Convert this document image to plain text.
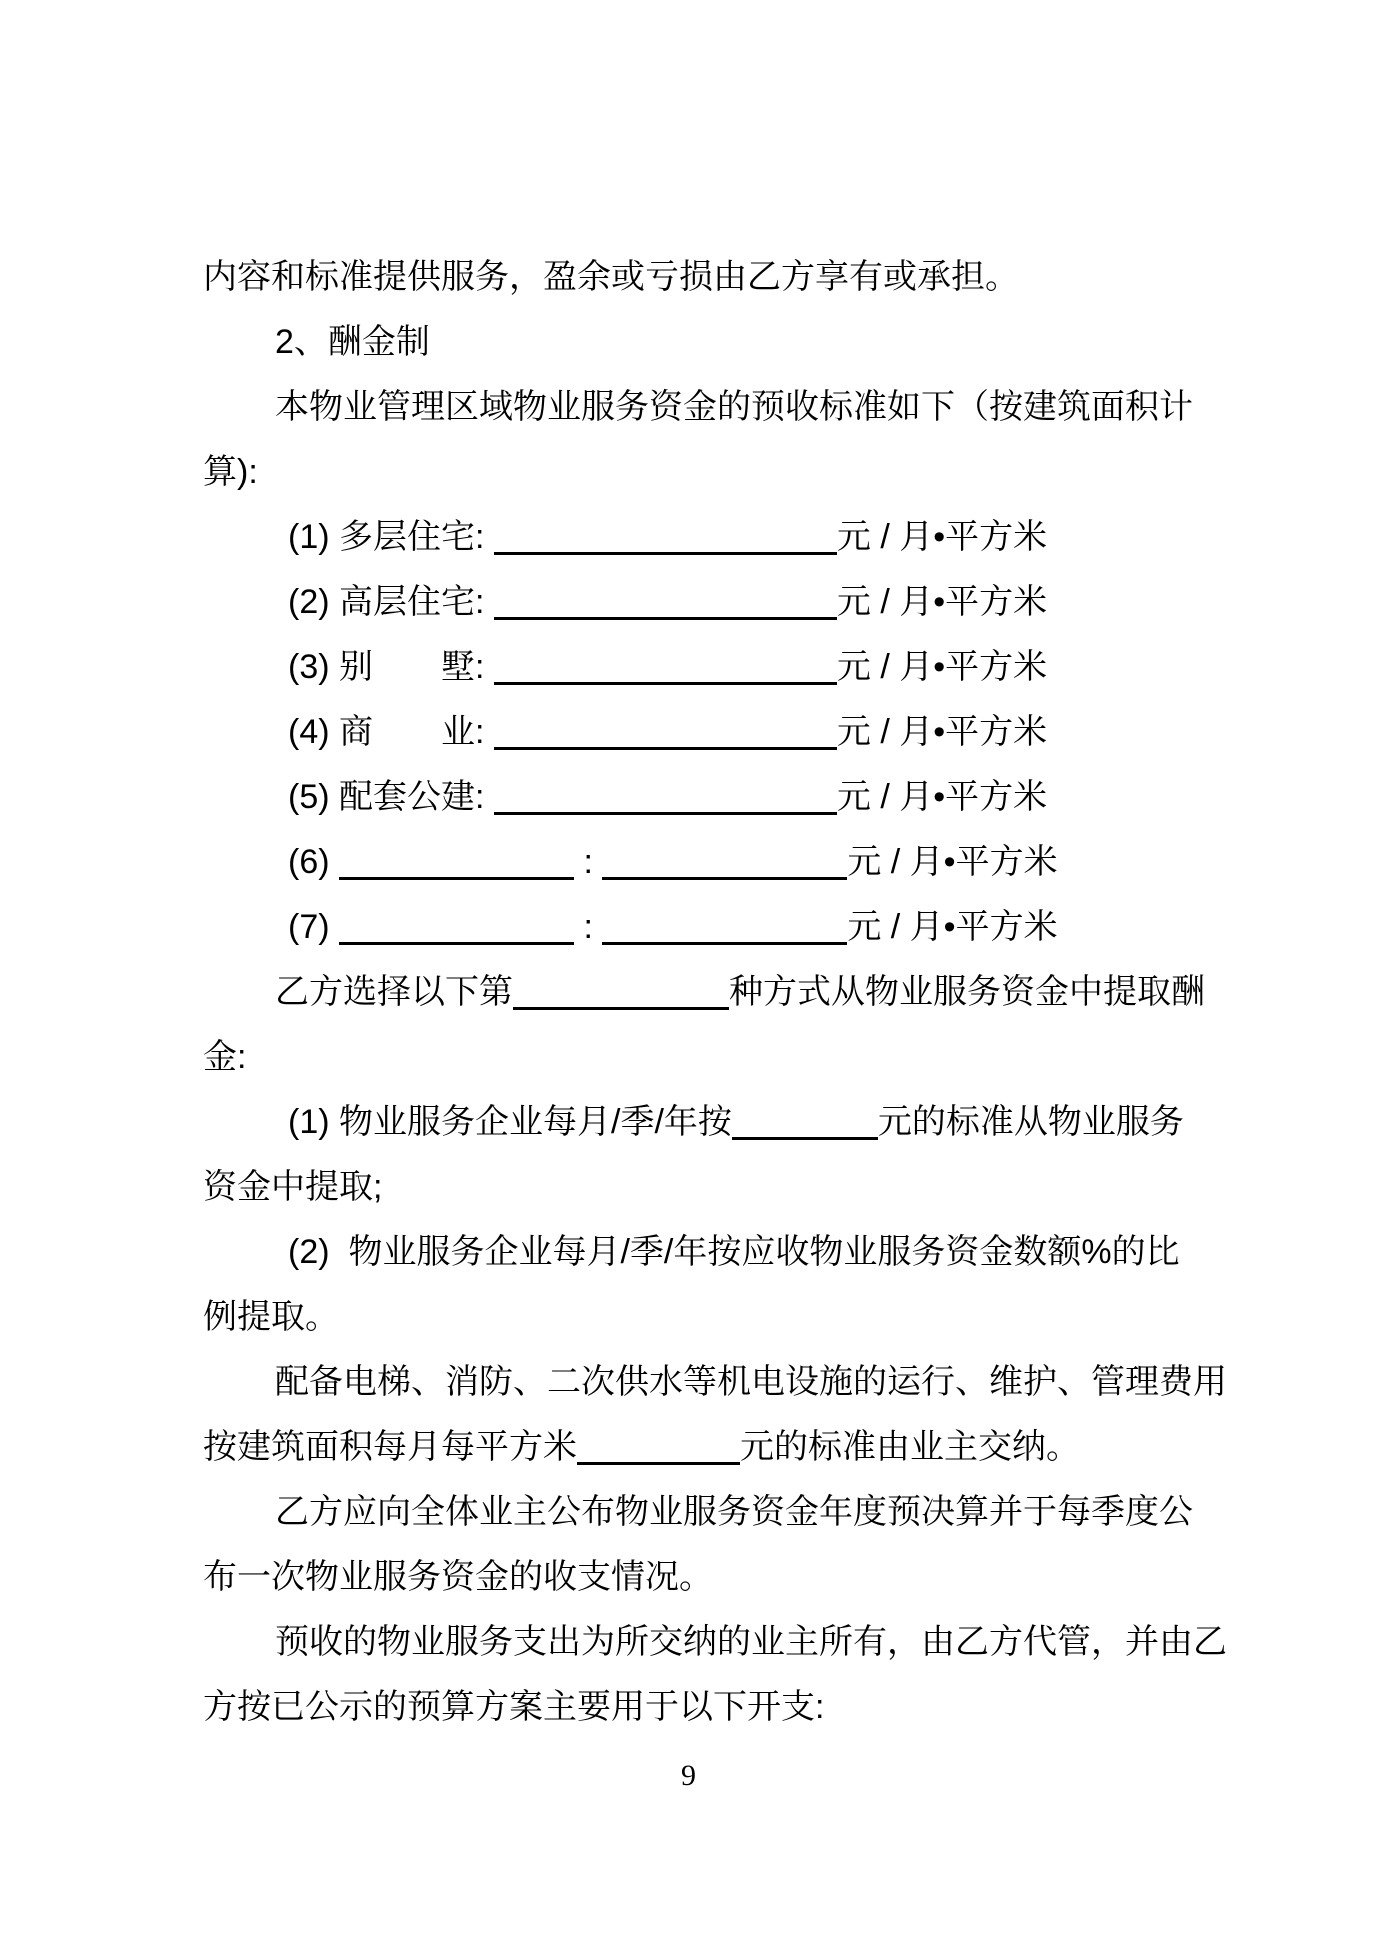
内容和标准提供服务，盈余或亏损由乙方享有或承担。
2、酬金制
本物业管理区域物业服务资金的预收标准如下（按建筑面积计
算):
(1) 多层住宅:	元 / 月•平方米
(2) 高层住宅:	元 / 月•平方米
(3) 别　　墅:	元 / 月•平方米
(4) 商　　业:	元 / 月•平方米
(5) 配套公建:	元 / 月•平方米
(6)	:	元 / 月•平方米
(7)	:	元 / 月•平方米
乙方选择以下第	种方式从物业服务资金中提取酬
金:
(1) 物业服务企业每月/季/年按	元的标准从物业服务
资金中提取;
(2)  物业服务企业每月/季/年按应收物业服务资金数额%的比
例提取。
配备电梯、消防、二次供水等机电设施的运行、维护、管理费用
按建筑面积每月每平方米	元的标准由业主交纳。
乙方应向全体业主公布物业服务资金年度预决算并于每季度公
布一次物业服务资金的收支情况。
预收的物业服务支出为所交纳的业主所有，由乙方代管，并由乙
方按已公示的预算方案主要用于以下开支:
9
